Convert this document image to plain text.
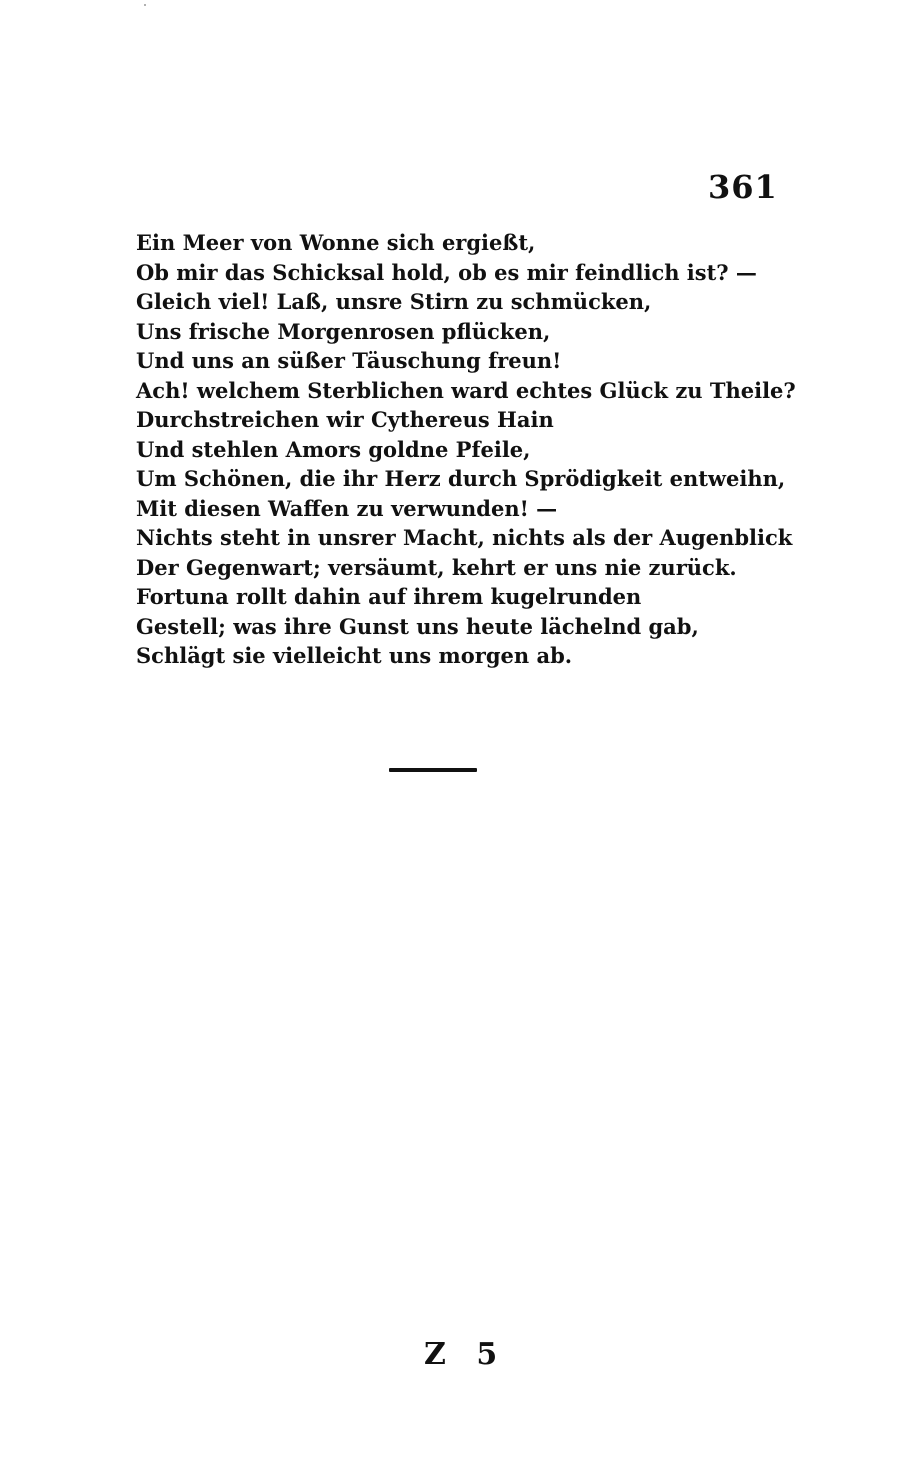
361
Ein Meer von Wonne sich ergießt,
Ob mir das Schicksal hold, ob es mir feindlich ist? —
Gleich viel! Laß, unsre Stirn zu schmücken,
Uns frische Morgenrosen pflücken,
Und uns an süßer Täuschung freun!
Ach! welchem Sterblichen ward echtes Glück zu Theile?
Durchstreichen wir Cythereus Hain
Und stehlen Amors goldne Pfeile,
Um Schönen, die ihr Herz durch Sprödigkeit entweihn,
Mit diesen Waffen zu verwunden! —
Nichts steht in unsrer Macht, nichts als der Augenblick
Der Gegenwart; versäumt, kehrt er uns nie zurück.
Fortuna rollt dahin auf ihrem kugelrunden
Gestell; was ihre Gunst uns heute lächelnd gab,
Schlägt sie vielleicht uns morgen ab.
Z 5
